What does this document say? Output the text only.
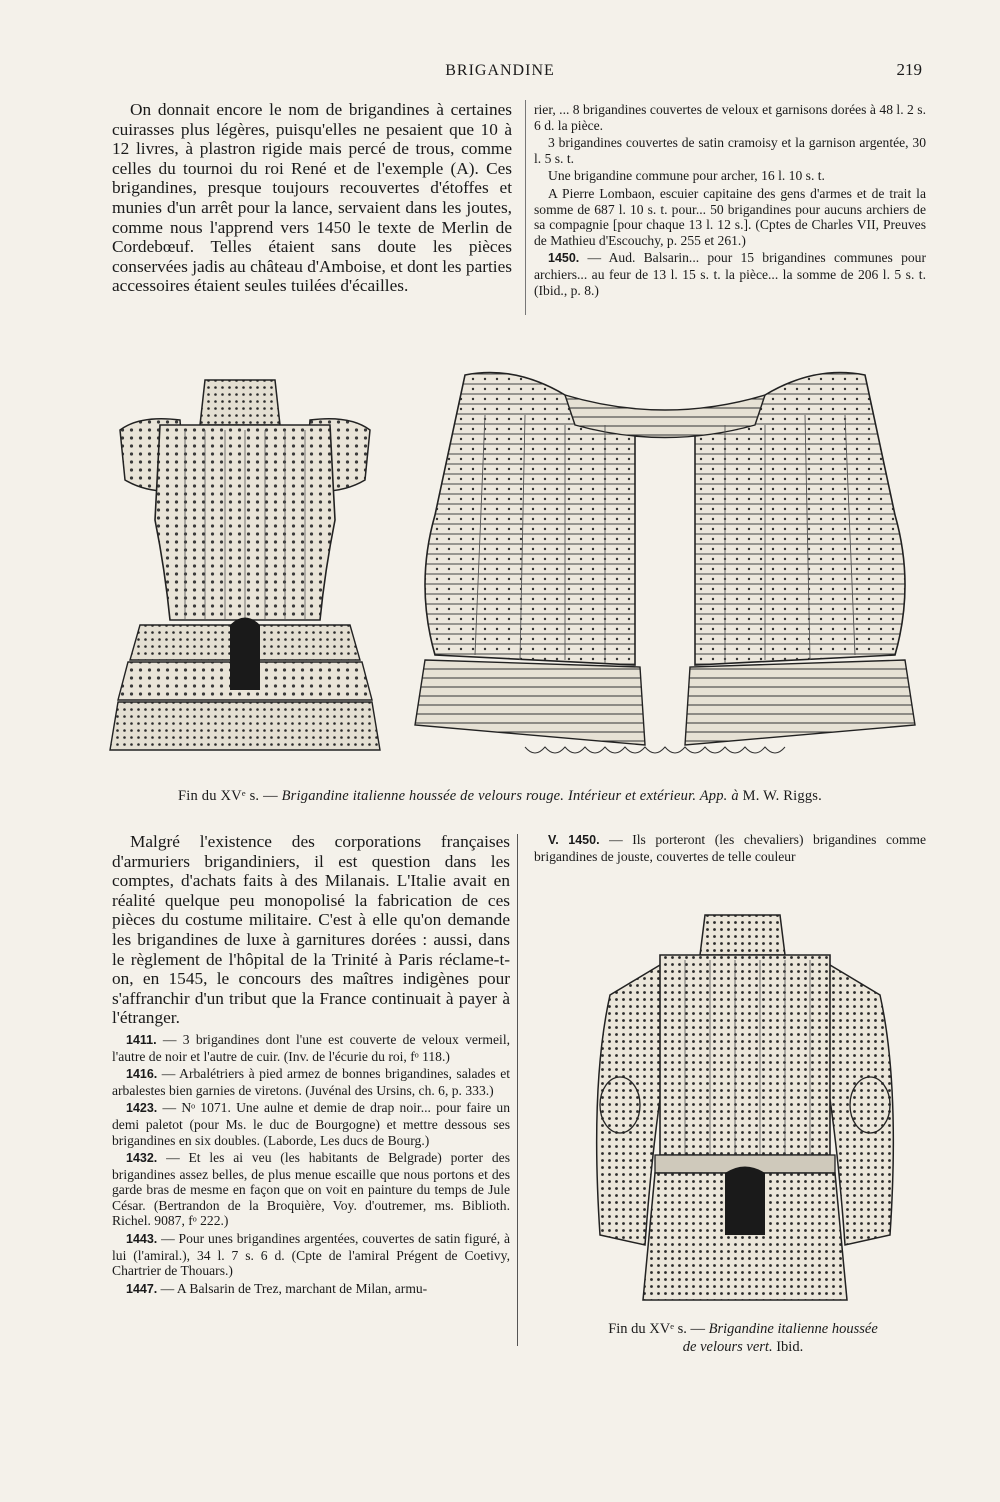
BRIGANDINE	219
On donnait encore le nom de brigandines à certaines cuirasses plus légères, puisqu'elles ne pesaient que 10 à 12 livres, à plastron rigide mais percé de trous, comme celles du tournoi du roi René et de l'exemple (A). Ces brigandines, presque toujours recouvertes d'étoffes et munies d'un arrêt pour la lance, servaient dans les joutes, comme nous l'apprend vers 1450 le texte de Merlin de Cordebœuf. Telles étaient sans doute les pièces conservées jadis au château d'Amboise, et dont les parties accessoires étaient seules tuilées d'écailles.

rier, ... 8 brigandines couvertes de veloux et garnisons dorées à 48 l. 2 s. 6 d. la pièce.

3 brigandines couvertes de satin cramoisy et la garnison argentée, 30 l. 5 s. t.

Une brigandine commune pour archer, 16 l. 10 s. t.

A Pierre Lombaon, escuier capitaine des gens d'armes et de trait la somme de 687 l. 10 s. t. pour... 50 brigandines pour aucuns archiers de sa compagnie [pour chaque 13 l. 12 s.]. (Cptes de Charles VII, Preuves de Mathieu d'Escouchy, p. 255 et 261.)

1450. — Aud. Balsarin... pour 15 brigandines communes pour archiers... au feur de 13 l. 15 s. t. la pièce... la somme de 206 l. 5 s. t. (Ibid., p. 8.)

Fin du XVᵉ s. — Brigandine italienne houssée de velours rouge. Intérieur et extérieur. App. à M. W. Riggs.

Malgré l'existence des corporations françaises d'armuriers brigandiniers, il est question dans les comptes, d'achats faits à des Milanais. L'Italie avait en réalité quelque peu monopolisé la fabrication de ces pièces du costume militaire. C'est à elle qu'on demande les brigandines de luxe à garnitures dorées : aussi, dans le règlement de l'hôpital de la Trinité à Paris réclame-t-on, en 1545, le concours des maîtres indigènes pour s'affranchir d'un tribut que la France continuait à payer à l'étranger.

1411. — 3 brigandines dont l'une est couverte de veloux vermeil, l'autre de noir et l'autre de cuir. (Inv. de l'écurie du roi, fᵒ 118.)

1416. — Arbalétriers à pied armez de bonnes brigandines, salades et arbalestes bien garnies de viretons. (Juvénal des Ursins, ch. 6, p. 333.)

1423. — Nᵒ 1071. Une aulne et demie de drap noir... pour faire un demi paletot (pour Ms. le duc de Bourgogne) et mettre dessous ses brigandines en six doubles. (Laborde, Les ducs de Bourg.)

1432. — Et les ai veu (les habitants de Belgrade) porter des brigandines assez belles, de plus menue escaille que nous portons et des garde bras de mesme en façon que on voit en painture du temps de Jule César. (Bertrandon de la Broquière, Voy. d'outremer, ms. Biblioth. Richel. 9087, fᵒ 222.)

1443. — Pour unes brigandines argentées, couvertes de satin figuré, à lui (l'amiral.), 34 l. 7 s. 6 d. (Cpte de l'amiral Prégent de Coetivy, Chartrier de Thouars.)

1447. — A Balsarin de Trez, marchant de Milan, armu-

V. 1450. — Ils porteront (les chevaliers) brigandines comme brigandines de jouste, couvertes de telle couleur

Fin du XVᵉ s. — Brigandine italienne houssée
de velours vert. Ibid.
